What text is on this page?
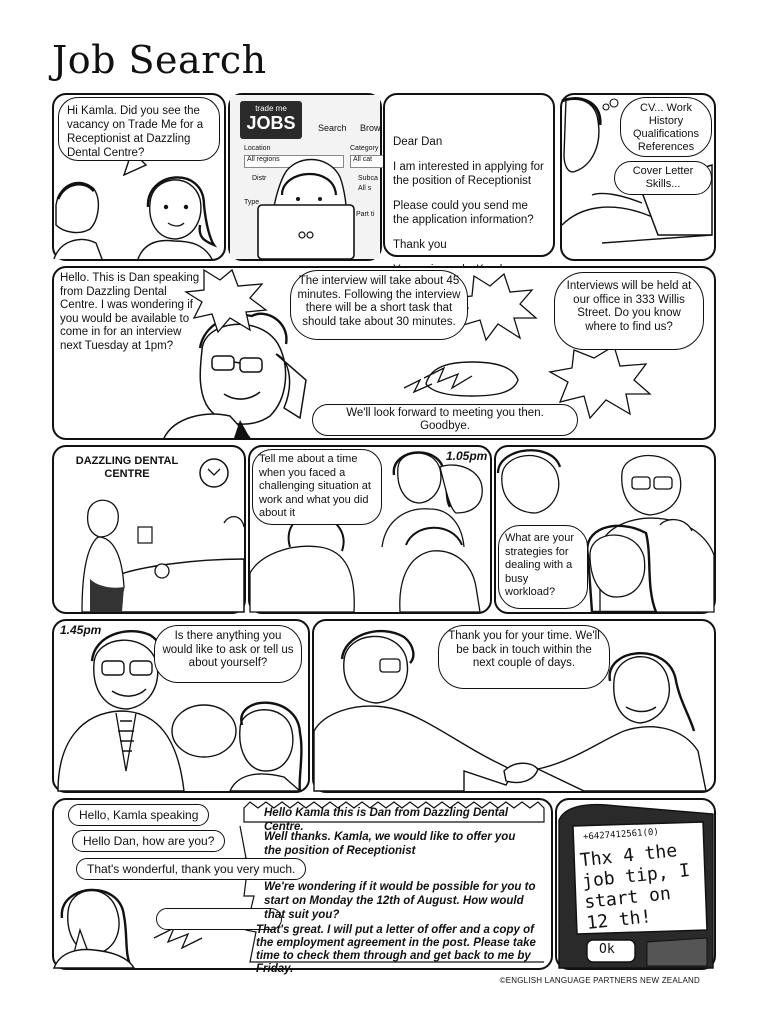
Job Search
Hi Kamla. Did you see the vacancy on Trade Me for a Receptionist at Dazzling Dental Centre?
trade me
JOBS	Search Brow
Location
All regions
Category
All cat
Distr	Subca
All s
Type
Part ti

Dear Dan

I am interested in applying for the position of Receptionist

Please could you send me the application information?

Thank you

CV... Work History Qualifications References
Cover Letter Skills...
Hello. This is Dan speaking from Dazzling Dental Centre. I was wondering if you would be available to come in for an interview next Tuesday at 1pm?
The interview will take about 45 minutes. Following the interview there will be a short task that should take about 30 minutes.
Interviews will be held at our office in 333 Willis Street. Do you know where to find us?
We'll look forward to meeting you then. Goodbye.
DAZZLING DENTAL CENTRE
Tell me about a time when you faced a challenging situation at work and what you did about it
1.05pm
What are your strategies for dealing with a busy workload?
1.45pm	Is there anything you would like to ask or tell us about yourself?
Thank you for your time. We'll be back in touch within the next couple of days.
Hello, Kamla speaking
Hello Dan, how are you?
That's wonderful, thank you very much.
Hello Kamla this is Dan from Dazzling Dental Centre.
Well thanks. Kamla, we would like to offer you the position of Receptionist
We're wondering if it would be possible for you to start on Monday the 12th of August. How would that suit you?
That's great. I will put a letter of offer and a copy of the employment agreement in the post. Please take time to check them through and get back to me by Friday.
+6427412561(0)
Thx 4 the job tip, I start on 12 th!
Ok
©ENGLISH LANGUAGE PARTNERS NEW ZEALAND
